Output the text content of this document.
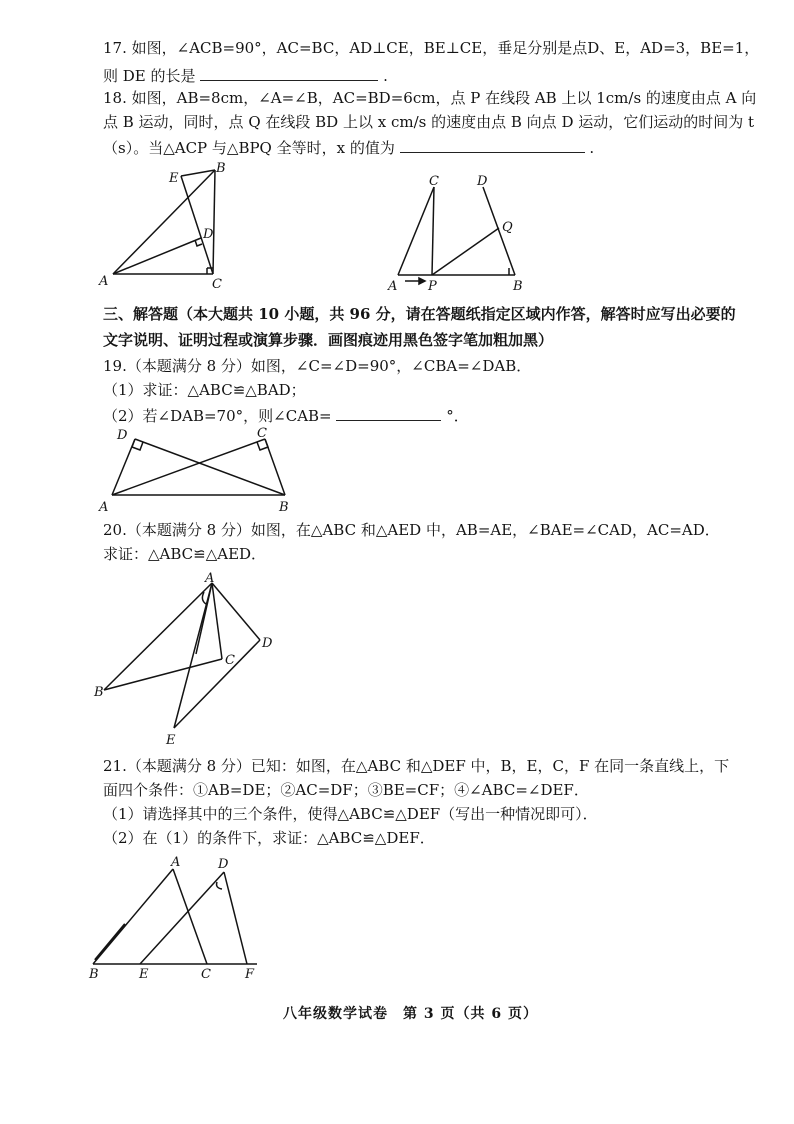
17. 如图，∠ACB=90°，AC=BC，AD⊥CE，BE⊥CE，垂足分别是点D、E，AD=3，BE=1，
则 DE 的长是	.
18. 如图，AB=8cm，∠A=∠B，AC=BD=6cm，点 P 在线段 AB 上以 1cm/s 的速度由点 A 向
点 B 运动，同时，点 Q 在线段 BD 上以 x cm/s 的速度由点 B 向点 D 运动，它们运动的时间为 t
（s）。当△ACP 与△BPQ 全等时，x 的值为	.
E
B
D
A	C
C	D
Q
A P	B
三、解答题（本大题共 10 小题，共 96 分，请在答题纸指定区域内作答，解答时应写出必要的
文字说明、证明过程或演算步骤．画图痕迹用黑色签字笔加粗加黑）
19.（本题满分 8 分）如图，∠C=∠D=90°，∠CBA=∠DAB．
（1）求证：△ABC≌△BAD；
（2）若∠DAB=70°，则∠CAB=	°．
D	C
A	B
20.（本题满分 8 分）如图，在△ABC 和△AED 中，AB=AE，∠BAE=∠CAD，AC=AD．
求证：△ABC≌△AED．
A
D
C
B
E
21.（本题满分 8 分）已知：如图，在△ABC 和△DEF 中，B，E，C，F 在同一条直线上，下
面四个条件：①AB=DE；②AC=DF；③BE=CF；④∠ABC=∠DEF．
（1）请选择其中的三个条件，使得△ABC≌△DEF（写出一种情况即可）．
（2）在（1）的条件下，求证：△ABC≌△DEF．
A	D
B	E	C	F
八年级数学试卷　第 3 页（共 6 页）
